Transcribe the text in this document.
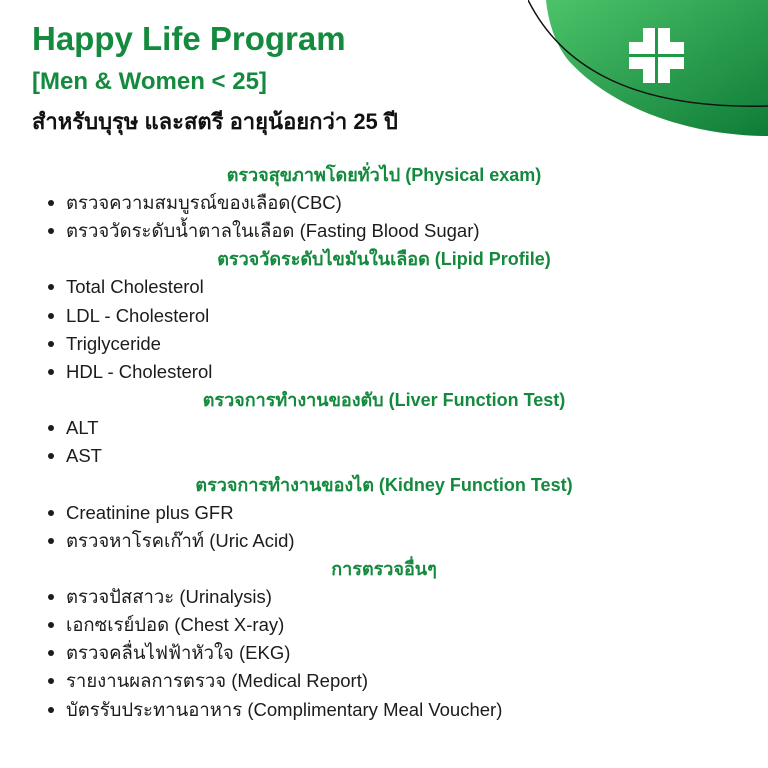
Happy Life Program
[Men & Women < 25]
สำหรับบุรุษ และสตรี อายุน้อยกว่า 25 ปี
ตรวจสุขภาพโดยทั่วไป (Physical exam)
ตรวจความสมบูรณ์ของเลือด(CBC)
ตรวจวัดระดับน้ำตาลในเลือด (Fasting Blood Sugar)
ตรวจวัดระดับไขมันในเลือด (Lipid Profile)
Total Cholesterol
LDL - Cholesterol
Triglyceride
HDL - Cholesterol
ตรวจการทำงานของตับ (Liver Function Test)
ALT
AST
ตรวจการทำงานของไต (Kidney Function Test)
Creatinine plus GFR
ตรวจหาโรคเก๊าท์ (Uric Acid)
การตรวจอื่นๆ
ตรวจปัสสาวะ (Urinalysis)
เอกซเรย์ปอด (Chest X-ray)
ตรวจคลื่นไฟฟ้าหัวใจ (EKG)
รายงานผลการตรวจ (Medical Report)
บัตรรับประทานอาหาร (Complimentary Meal Voucher)
